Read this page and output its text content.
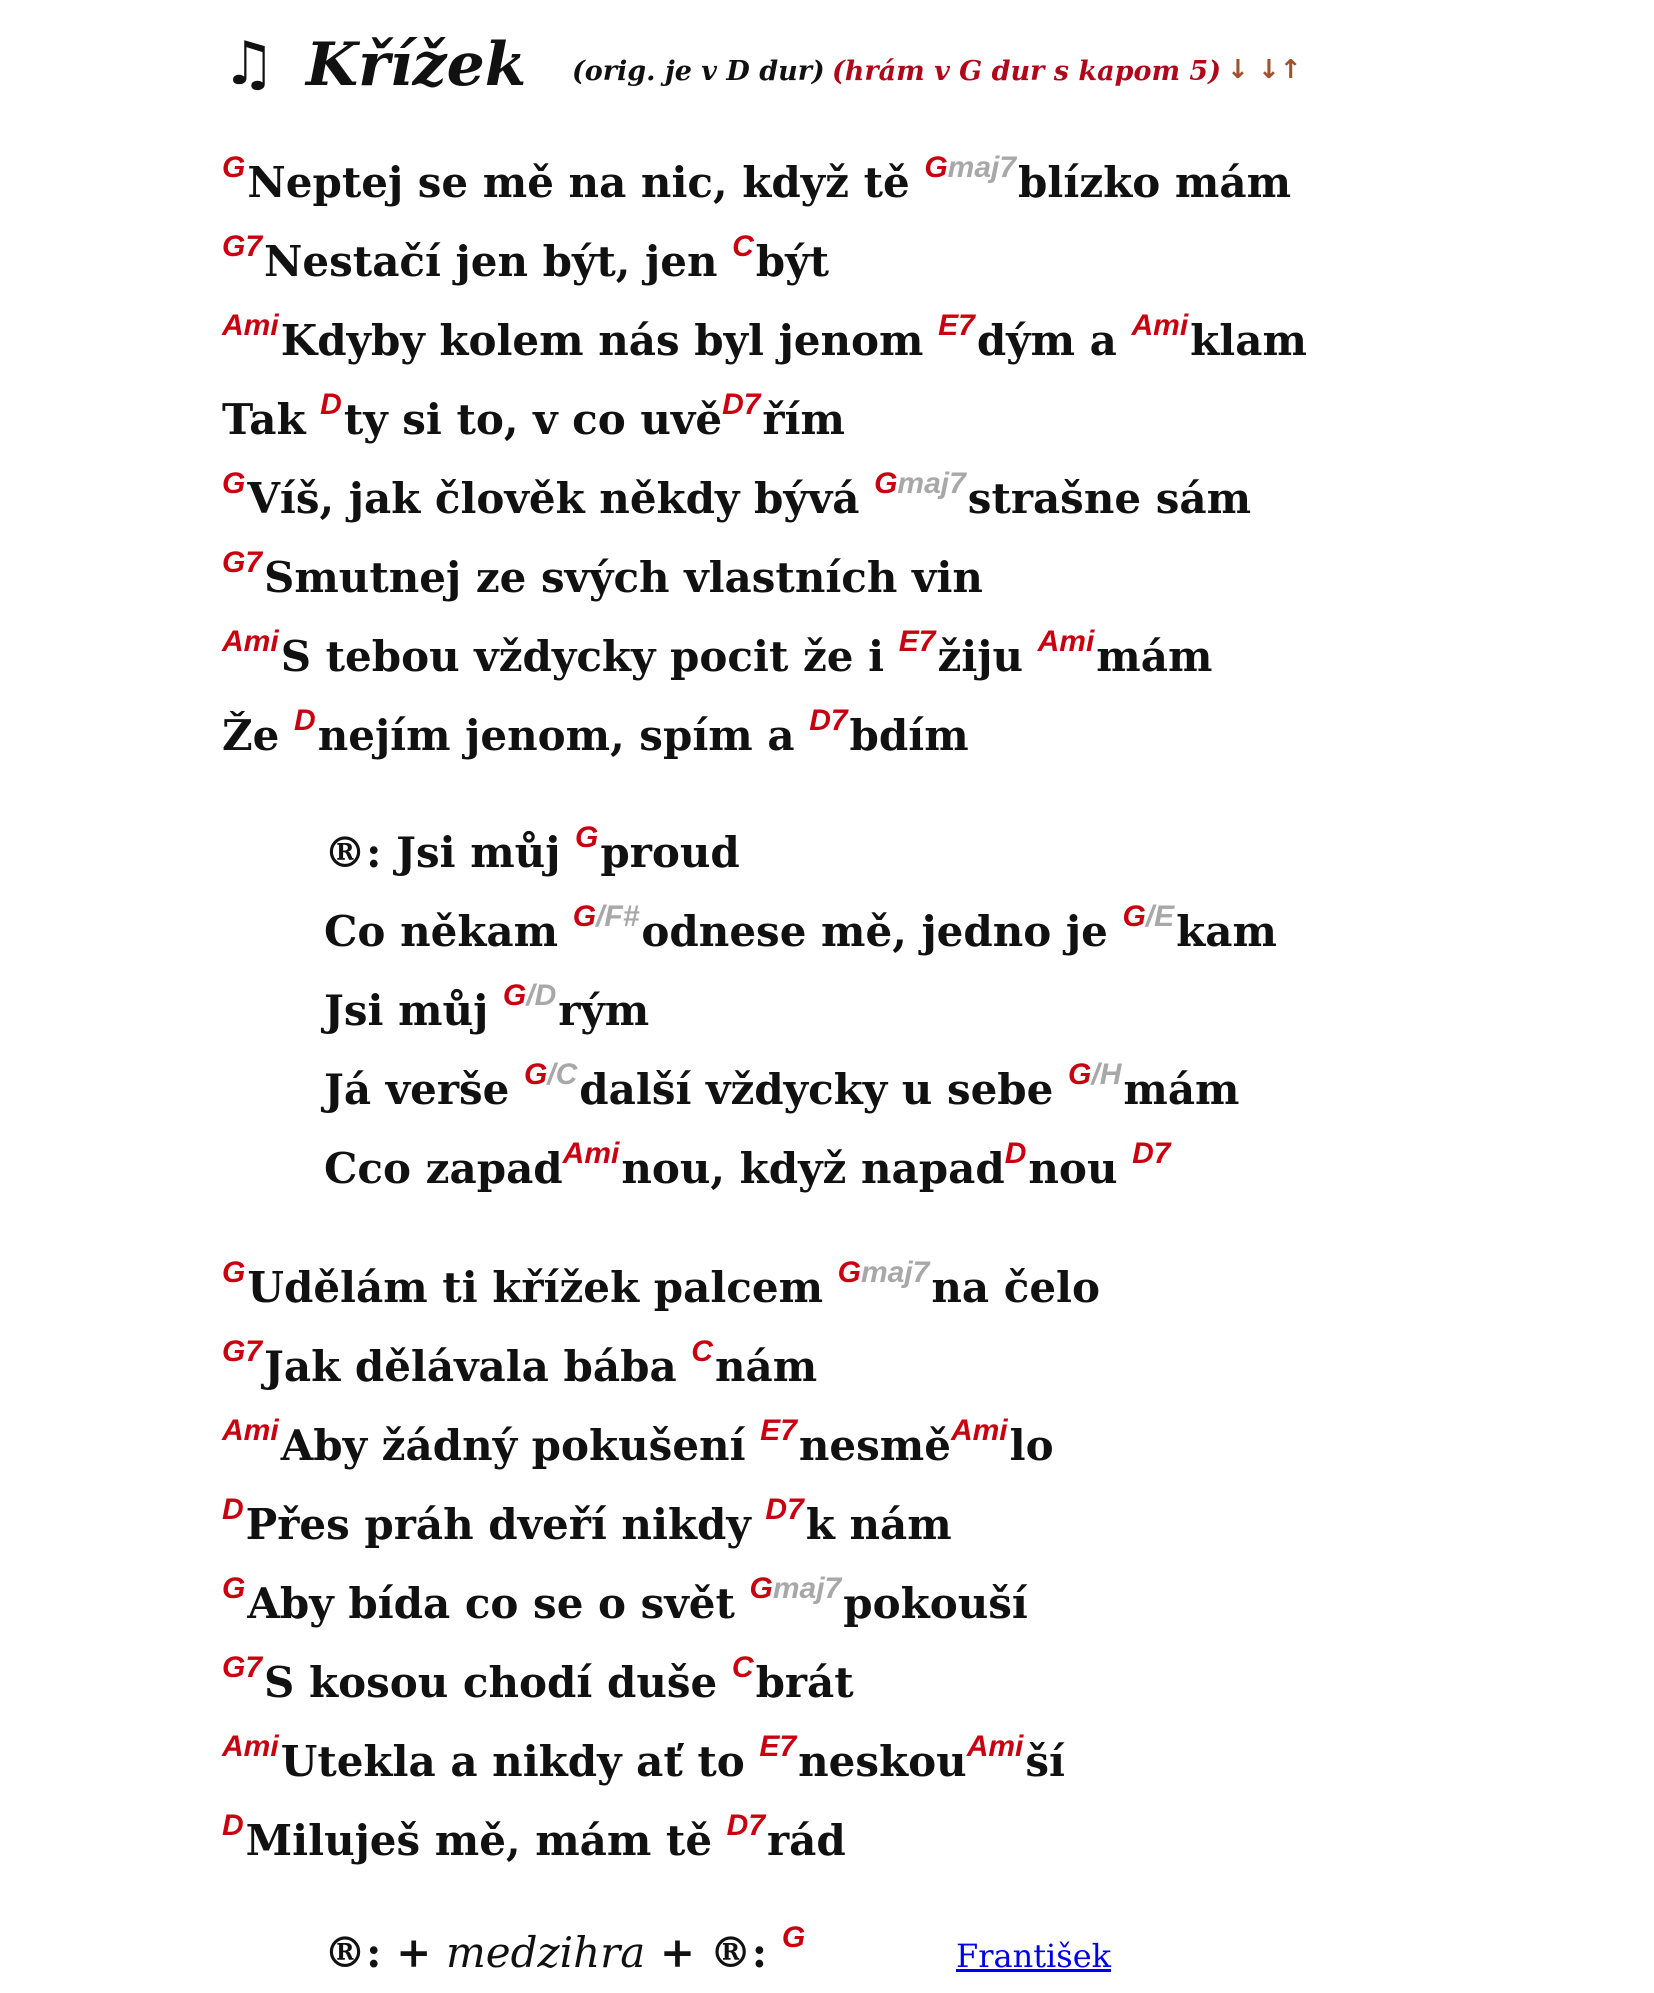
♫ Křížek (orig. je v D dur) (hrám v G dur s kapom 5) ↓ ↓↑
$^G$Neptej se mě na nic, když tě $^{Gmaj7}$blízko mám
$^{G7}$Nestačí jen být, jen $^C$být
$^{Ami}$Kdyby kolem nás byl jenom $^{E7}$dým a $^{Ami}$klam
Tak $^D$ty si to, v co uvě$^{D7}$řím
$^G$Víš, jak člověk někdy bývá $^{Gmaj7}$strašne sám
$^{G7}$Smutnej ze svých vlastních vin
$^{Ami}$S tebou vždycky pocit že i $^{E7}$žiju $^{Ami}$mám
Že $^D$nejím jenom, spím a $^{D7}$bdím
®: Jsi můj $^G$proud
Co někam $^{G/F\#}$odnese mě, jedno je $^{G/E}$kam
Jsi můj $^{G/D}$rým
Já verše $^{G/C}$další vždycky u sebe $^{G/H}$mám
Cco zapad$^{Ami}$nou, když napad$^D$nou $^{D7}$
$^G$Udělám ti křížek palcem $^{Gmaj7}$na čelo
$^{G7}$Jak dělávala bába $^C$nám
$^{Ami}$Aby žádný pokušení $^{E7}$nesmě$^{Ami}$lo
$^D$Přes práh dveří nikdy $^{D7}$k nám
$^G$Aby bída co se o svět $^{Gmaj7}$pokouší
$^{G7}$S kosou chodí duše $^C$brát
$^{Ami}$Utekla a nikdy ať to $^{E7}$neskou$^{Ami}$ší
$^D$Miluješ mě, mám tě $^{D7}$rád
®: + medzihra + ®: $^G$	František
